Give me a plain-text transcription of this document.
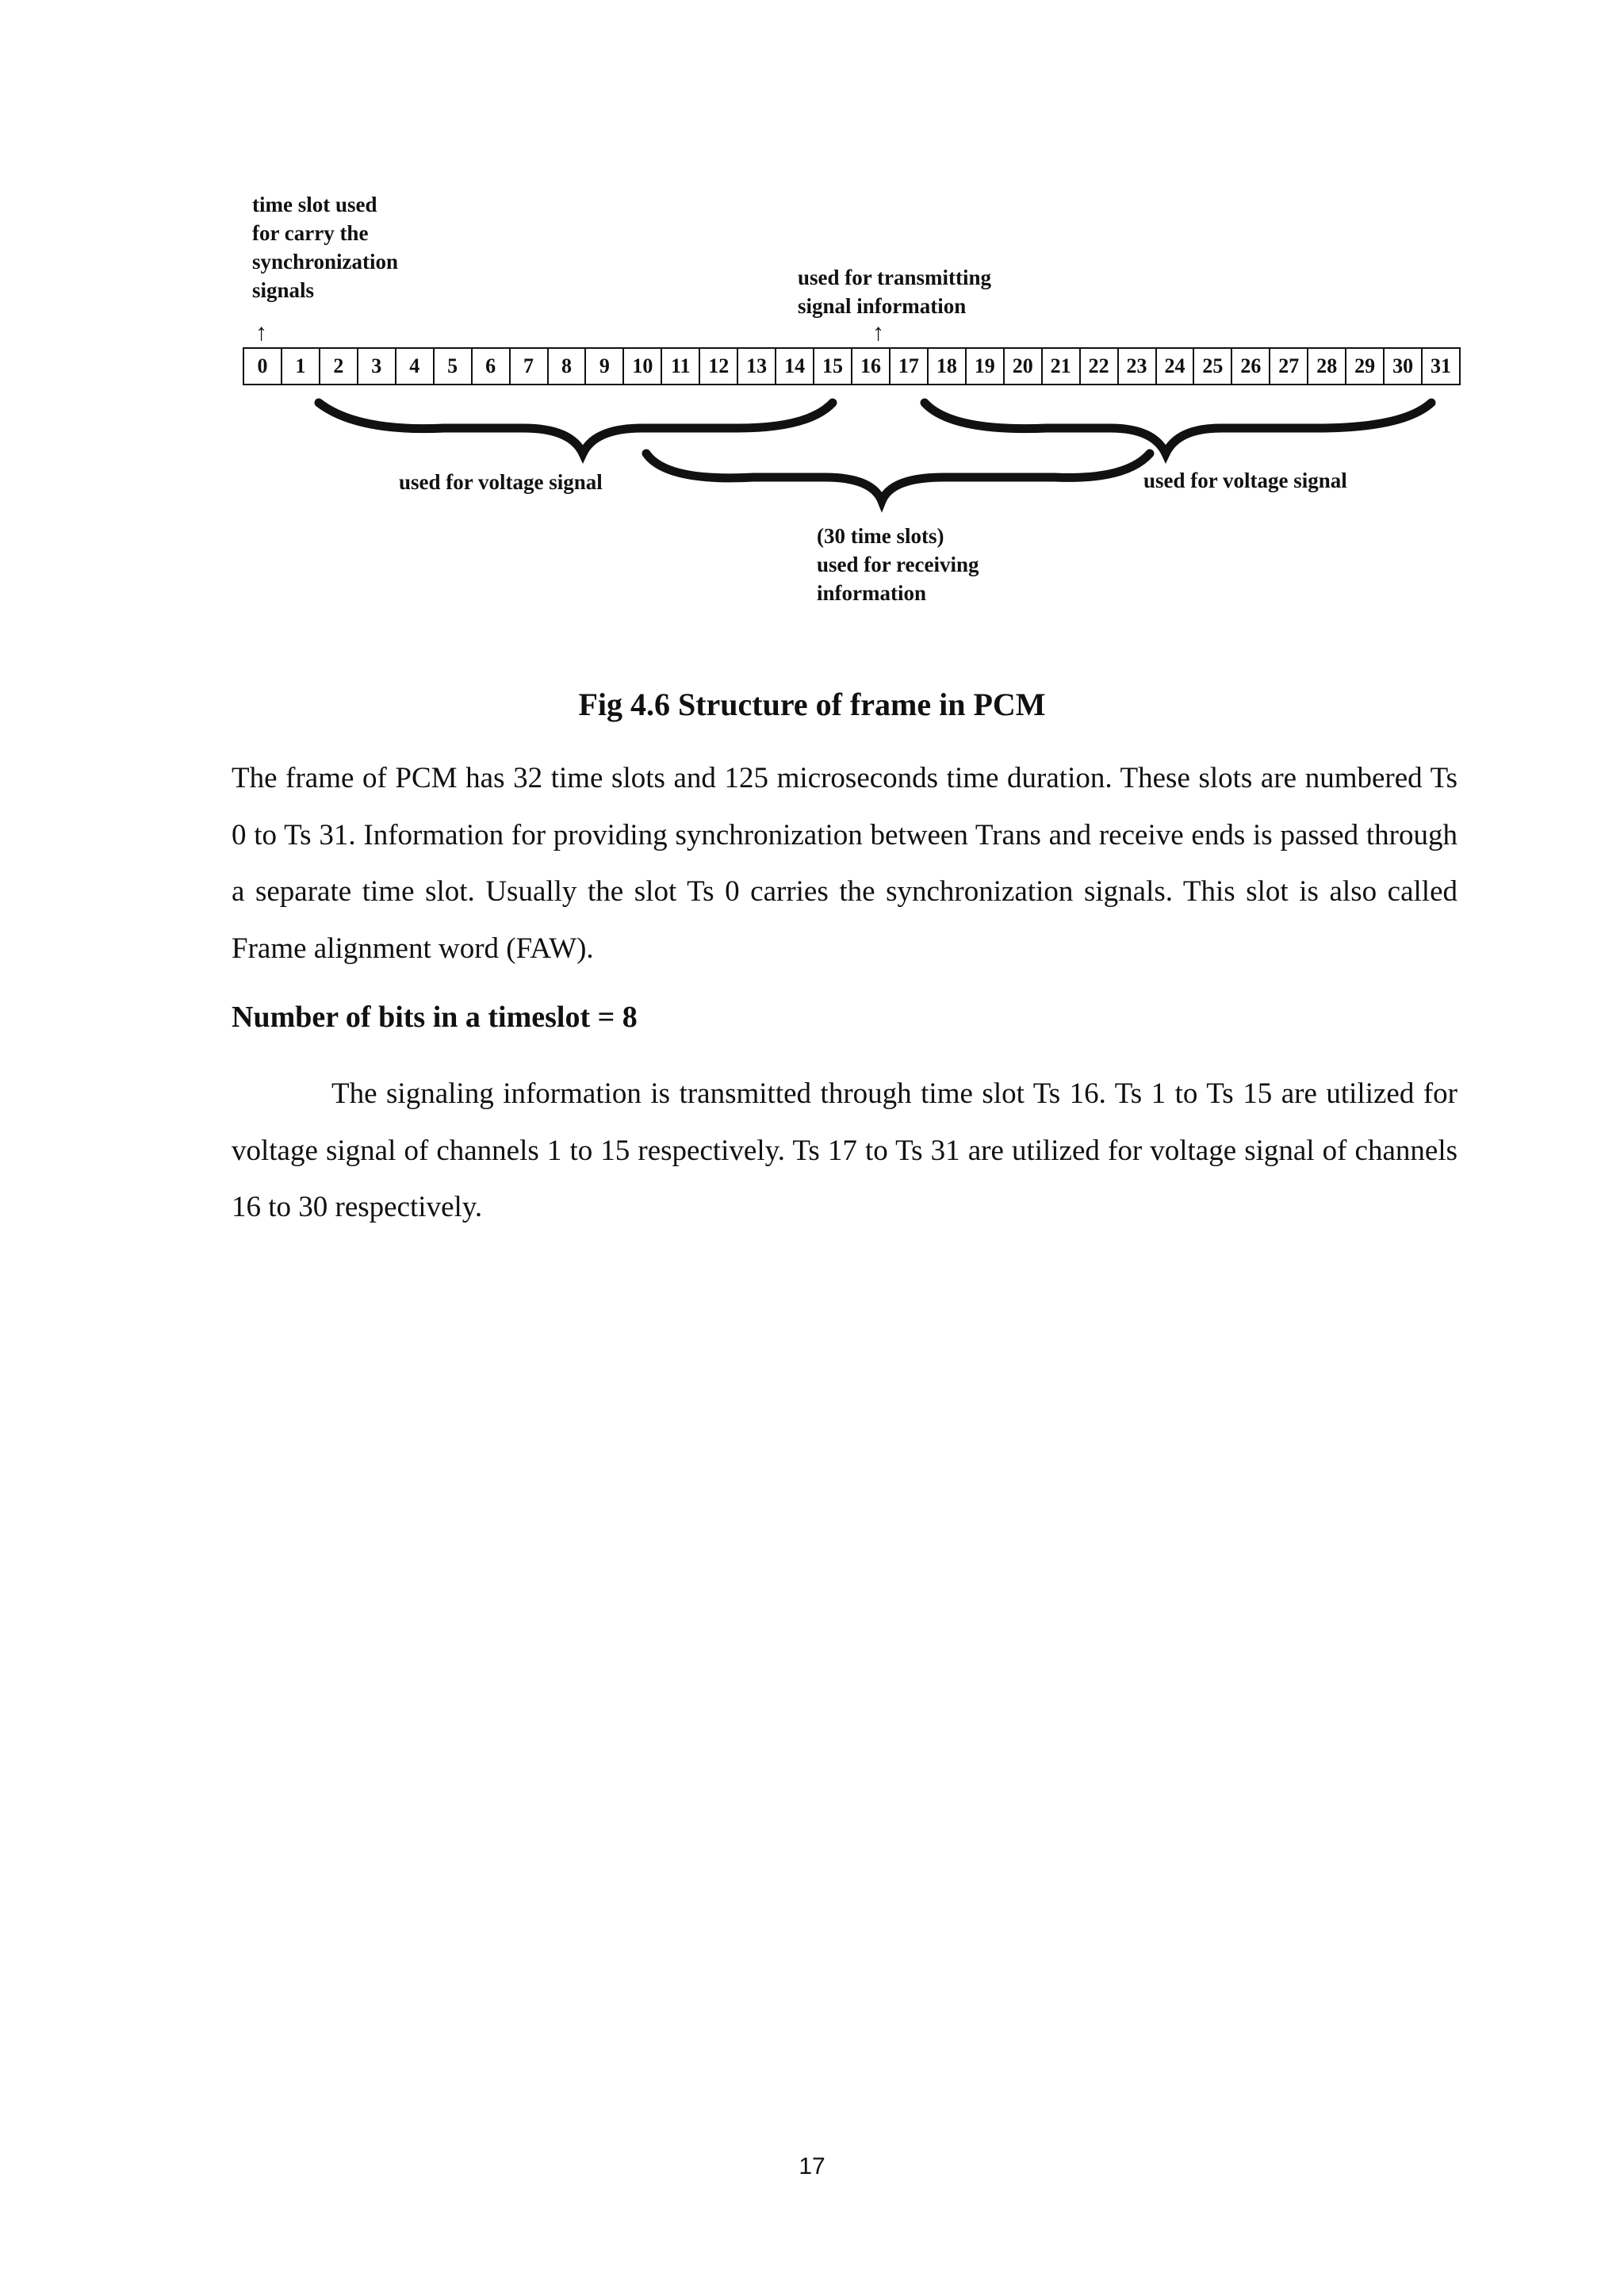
time slot used
for carry the
synchronization
signals
used for transmitting
signal information
↑	↑
0	1	2	3	4	5	6	7	8	9	10 11 12 13 14 15 16 17 18 19 20 21 22 23 24 25 26 27 28 29 30 31
used for voltage signal	used for voltage signal
(30 time slots)
used for receiving
information
Fig 4.6 Structure of frame in PCM

The frame of PCM has 32 time slots and 125 microseconds time duration. These slots are numbered Ts 0 to Ts 31. Information for providing synchronization between Trans and receive ends is passed through a separate time slot. Usually the slot Ts 0 carries the synchronization signals. This slot is also called Frame alignment word (FAW).

Number of bits in a timeslot = 8

The signaling information is transmitted through time slot Ts 16. Ts 1 to Ts 15 are utilized for voltage signal of channels 1 to 15 respectively. Ts 17 to Ts 31 are utilized for voltage signal of channels 16 to 30 respectively.

17
